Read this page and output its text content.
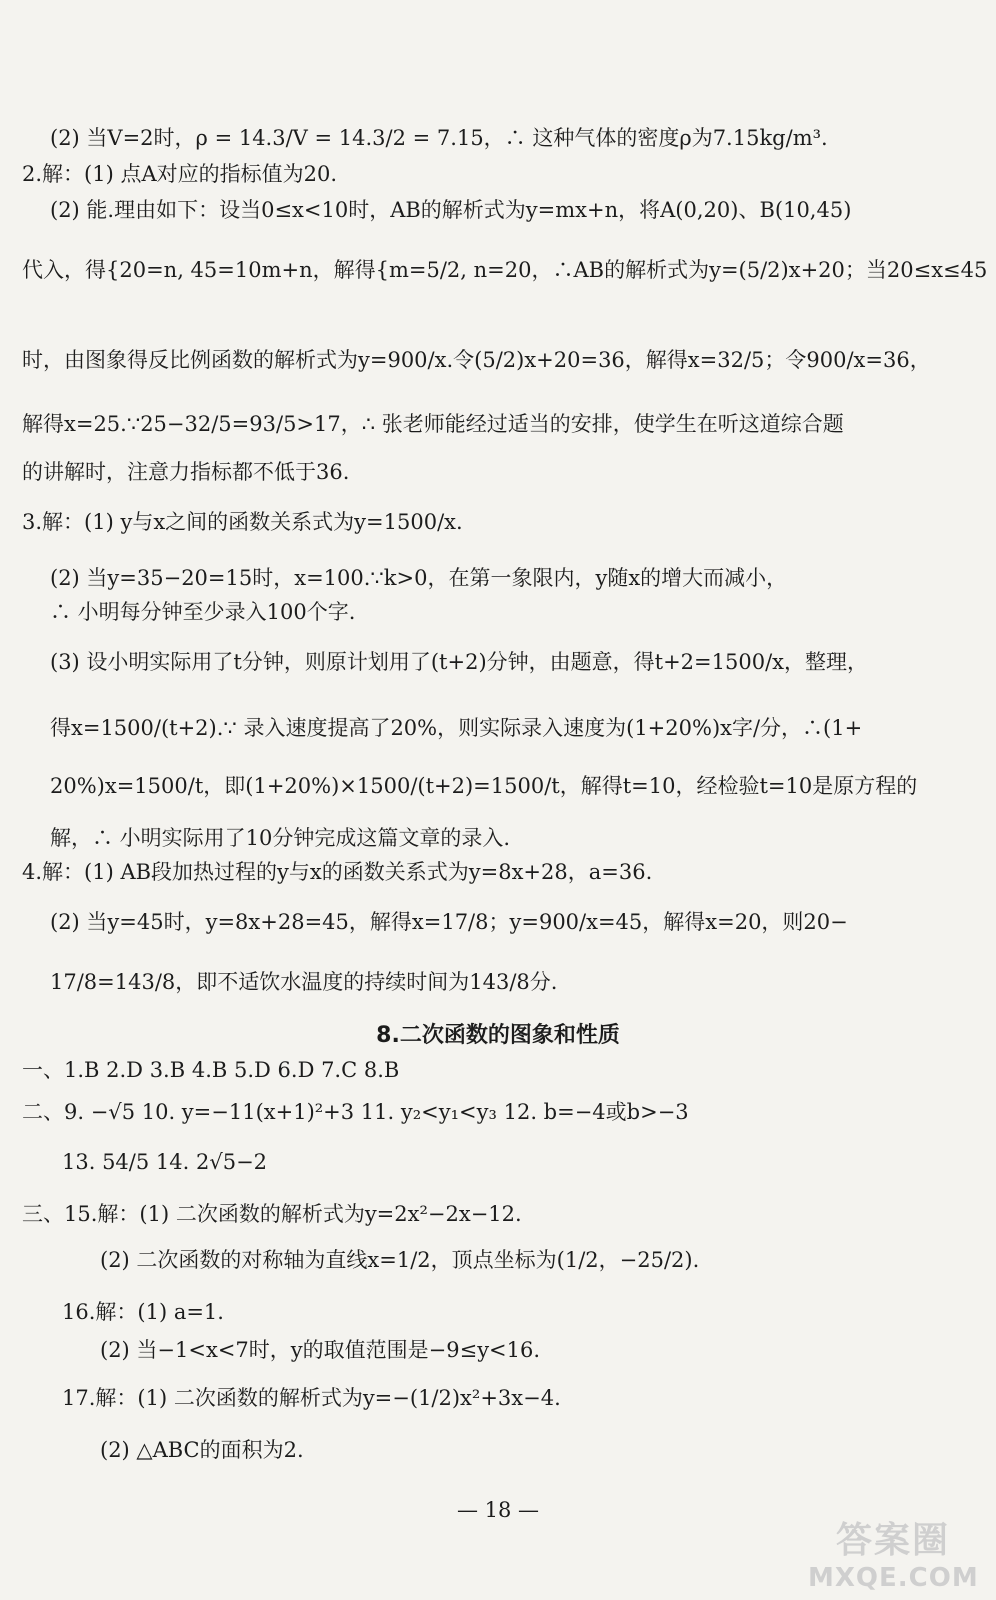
(2) 当V=2时，ρ = 14.3/V = 14.3/2 = 7.15，∴ 这种气体的密度ρ为7.15kg/m³.
2.解：(1) 点A对应的指标值为20.
(2) 能.理由如下：设当0≤x<10时，AB的解析式为y=mx+n，将A(0,20)、B(10,45)
代入，得{20=n, 45=10m+n，解得{m=5/2, n=20，∴AB的解析式为y=(5/2)x+20；当20≤x≤45
时，由图象得反比例函数的解析式为y=900/x.令(5/2)x+20=36，解得x=32/5；令900/x=36，
解得x=25.∵25−32/5=93/5>17，∴ 张老师能经过适当的安排，使学生在听这道综合题
的讲解时，注意力指标都不低于36.
3.解：(1) y与x之间的函数关系式为y=1500/x.
(2) 当y=35−20=15时，x=100.∵k>0，在第一象限内，y随x的增大而减小，
∴ 小明每分钟至少录入100个字.
(3) 设小明实际用了t分钟，则原计划用了(t+2)分钟，由题意，得t+2=1500/x，整理，
得x=1500/(t+2).∵ 录入速度提高了20%，则实际录入速度为(1+20%)x字/分，∴(1+
20%)x=1500/t，即(1+20%)×1500/(t+2)=1500/t，解得t=10，经检验t=10是原方程的
解，∴ 小明实际用了10分钟完成这篇文章的录入.
4.解：(1) AB段加热过程的y与x的函数关系式为y=8x+28，a=36.
(2) 当y=45时，y=8x+28=45，解得x=17/8；y=900/x=45，解得x=20，则20−
17/8=143/8，即不适饮水温度的持续时间为143/8分.
8.二次函数的图象和性质
一、1.B 2.D 3.B 4.B 5.D 6.D 7.C 8.B
二、9. −√5 10. y=−11(x+1)²+3 11. y₂<y₁<y₃ 12. b=−4或b>−3
13. 54/5 14. 2√5−2
三、15.解：(1) 二次函数的解析式为y=2x²−2x−12.
(2) 二次函数的对称轴为直线x=1/2，顶点坐标为(1/2，−25/2).
16.解：(1) a=1.
(2) 当−1<x<7时，y的取值范围是−9≤y<16.
17.解：(1) 二次函数的解析式为y=−(1/2)x²+3x−4.
(2) △ABC的面积为2.
— 18 —
答案圈
MXQE.COM
